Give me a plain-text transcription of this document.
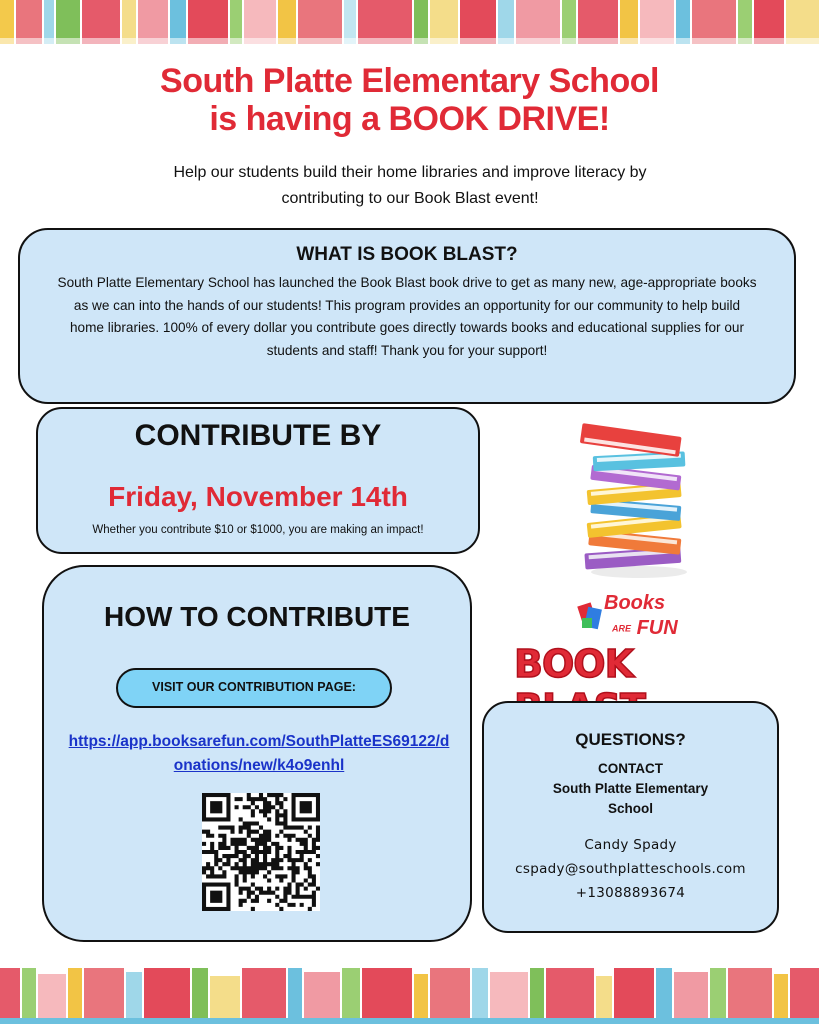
South Platte Elementary School
is having a BOOK DRIVE!
Help our students build their home libraries and improve literacy by
contributing to our Book Blast event!
WHAT IS BOOK BLAST?

South Platte Elementary School has launched the Book Blast book drive to get as many new, age-appropriate books as we can into the hands of our students! This program provides an opportunity for our community to help build home libraries. 100% of every dollar you contribute goes directly towards books and educational supplies for our students and staff! Thank you for your support!

CONTRIBUTE BY
Friday, November 14th
Whether you contribute $10 or $1000, you are making an impact!
Books
ARE FUN
BOOK
HOW TO CONTRIBUTE
VISIT OUR CONTRIBUTION PAGE:
https://app.booksarefun.com/SouthPlatteES69122/d
onations/new/k4o9enhl
QUESTIONS?
CONTACT
South Platte Elementary
School
Candy Spady
cspady@southplatteschools.com
+13088893674
